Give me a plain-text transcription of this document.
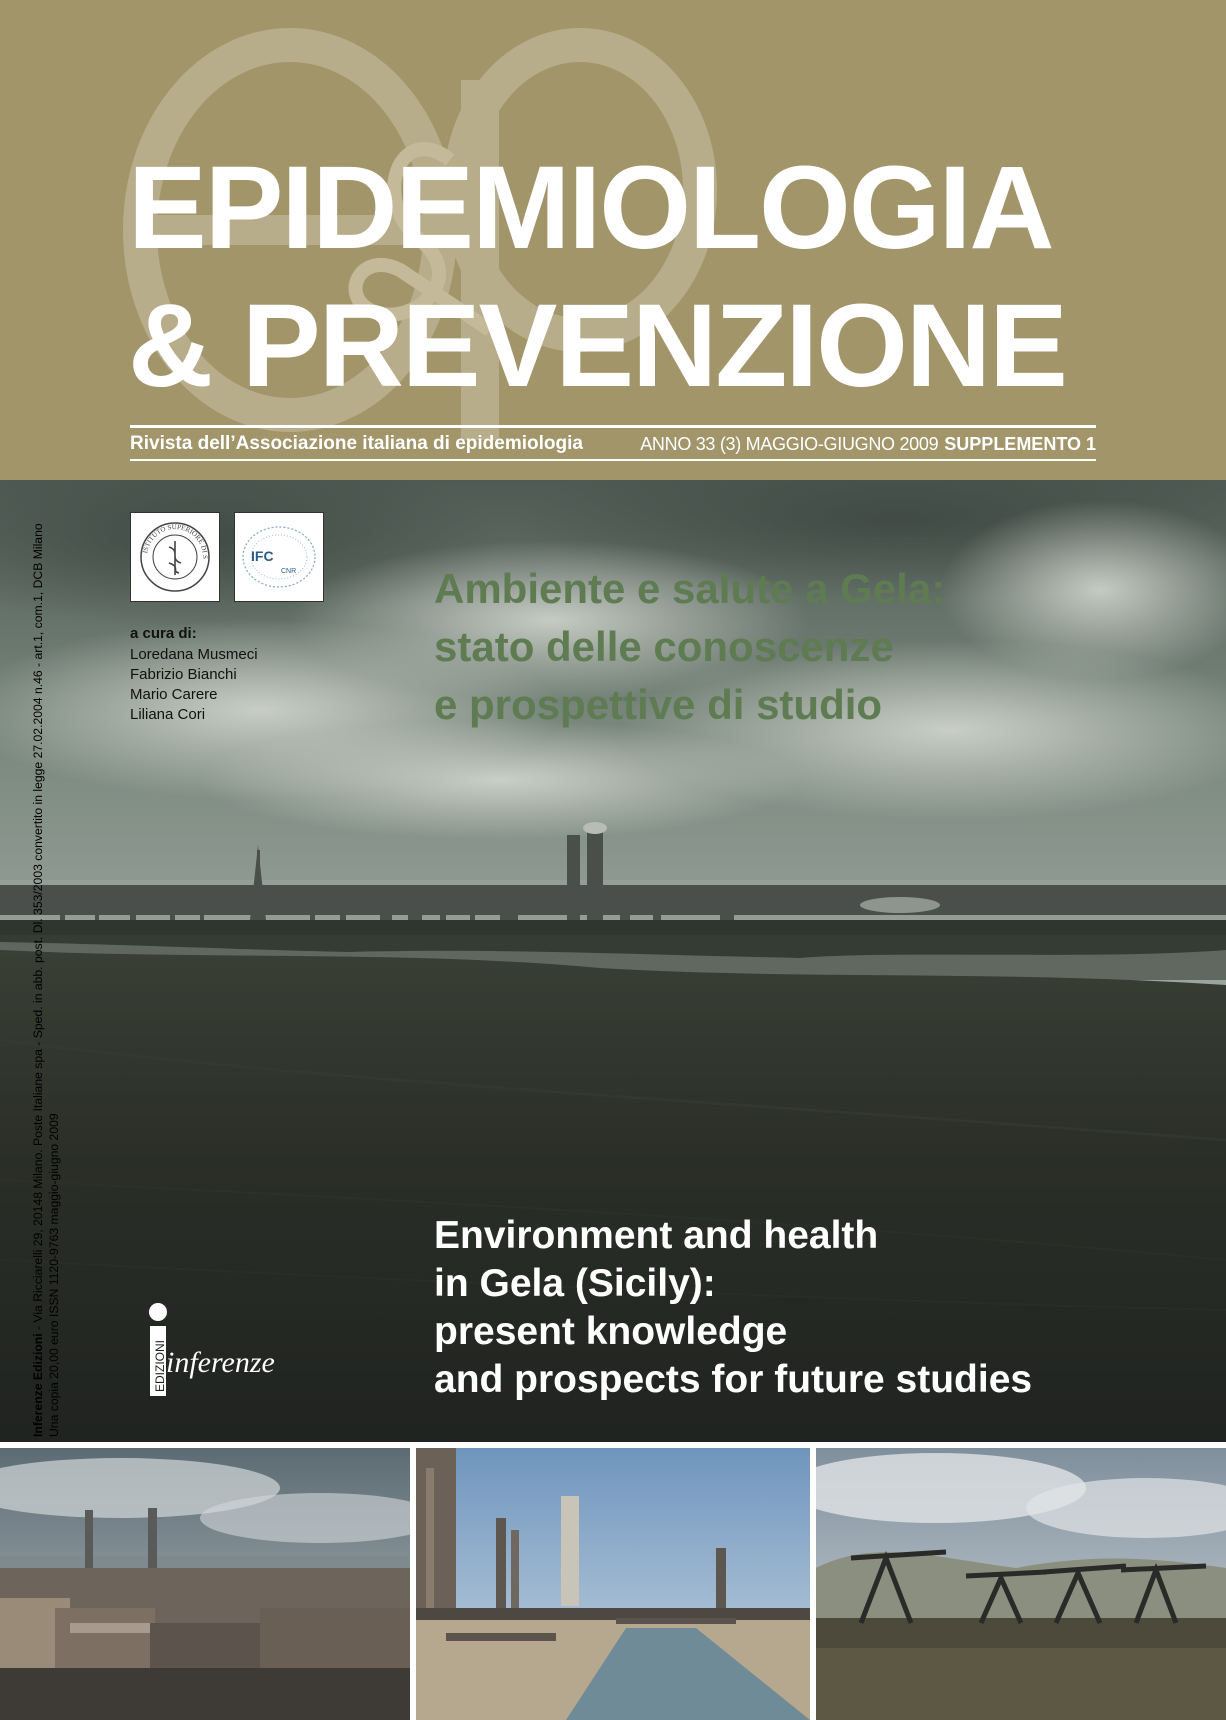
EPIDEMIOLOGIA
& PREVENZIONE
Rivista dell’Associazione italiana di epidemiologia	ANNO 33 (3) MAGGIO-GIUGNO 2009 SUPPLEMENTO 1
ISTITUTO SUPERIORE DI S	IFC
CNR

a cura di:

Loredana Musmeci
Fabrizio Bianchi
Mario Carere
Liliana Cori
Ambiente e salute a Gela:
stato delle conoscenze
e prospettive di studio
Environment and health
in Gela (Sicily):
present knowledge
and prospects for future studies
EDIZIONI inferenze
Inferenze Edizioni - Via Ricciarelli 29, 20148 Milano. Poste Italiane spa - Sped. in abb. post. Dl. 353/2003 convertito in legge 27.02.2004 n.46 - art.1, com.1, DCB Milano Una copia 20,00 euro ISSN 1120-9763 maggio-giugno 2009
